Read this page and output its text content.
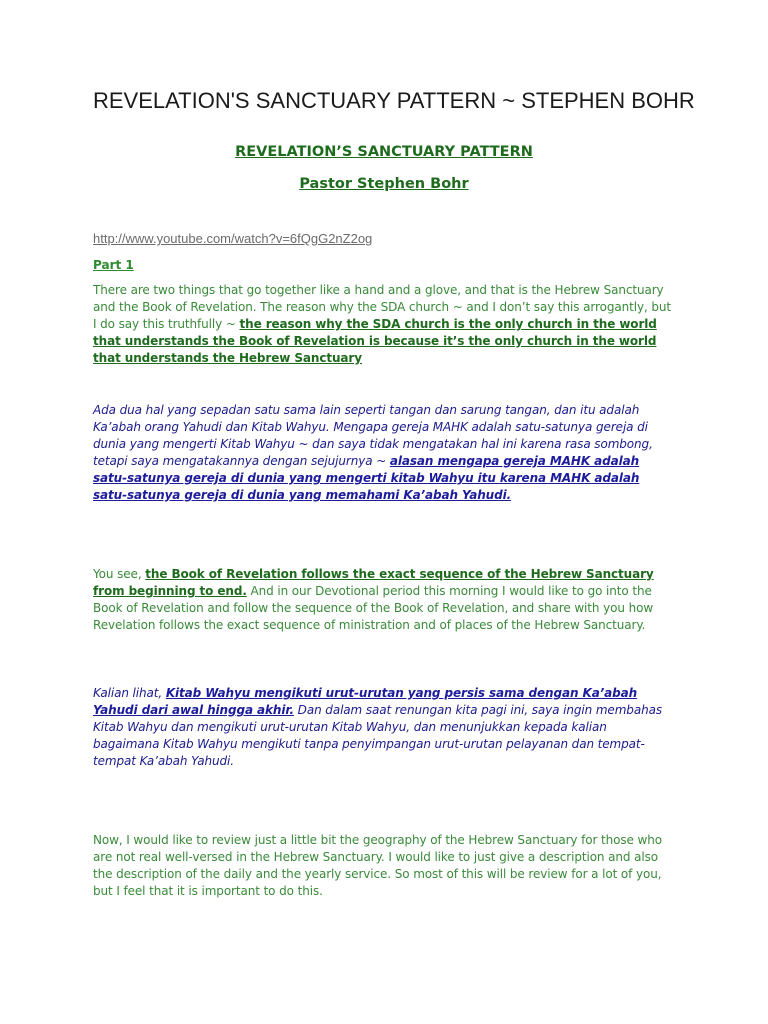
REVELATION'S SANCTUARY PATTERN ~ STEPHEN BOHR

REVELATION’S SANCTUARY PATTERN

Pastor Stephen Bohr

http://www.youtube.com/watch?v=6fQgG2nZ2og
Part 1

There are two things that go together like a hand and a glove, and that is the Hebrew Sanctuary and the Book of Revelation. The reason why the SDA church ~ and I don’t say this arrogantly, but I do say this truthfully ~ the reason why the SDA church is the only church in the world that understands the Book of Revelation is because it’s the only church in the world that understands the Hebrew Sanctuary

Ada dua hal yang sepadan satu sama lain seperti tangan dan sarung tangan, dan itu adalah Ka’abah orang Yahudi dan Kitab Wahyu. Mengapa gereja MAHK adalah satu-satunya gereja di dunia yang mengerti Kitab Wahyu ~ dan saya tidak mengatakan hal ini karena rasa sombong, tetapi saya mengatakannya dengan sejujurnya ~ alasan mengapa gereja MAHK adalah satu-satunya gereja di dunia yang mengerti kitab Wahyu itu karena MAHK adalah satu-satunya gereja di dunia yang memahami Ka’abah Yahudi.

You see, the Book of Revelation follows the exact sequence of the Hebrew Sanctuary from beginning to end. And in our Devotional period this morning I would like to go into the Book of Revelation and follow the sequence of the Book of Revelation, and share with you how Revelation follows the exact sequence of ministration and of places of the Hebrew Sanctuary.

Kalian lihat, Kitab Wahyu mengikuti urut-urutan yang persis sama dengan Ka’abah Yahudi dari awal hingga akhir. Dan dalam saat renungan kita pagi ini, saya ingin membahas Kitab Wahyu dan mengikuti urut-urutan Kitab Wahyu, dan menunjukkan kepada kalian bagaimana Kitab Wahyu mengikuti tanpa penyimpangan urut-urutan pelayanan dan tempat-tempat Ka’abah Yahudi.

Now, I would like to review just a little bit the geography of the Hebrew Sanctuary for those who are not real well-versed in the Hebrew Sanctuary. I would like to just give a description and also the description of the daily and the yearly service. So most of this will be review for a lot of you, but I feel that it is important to do this.
